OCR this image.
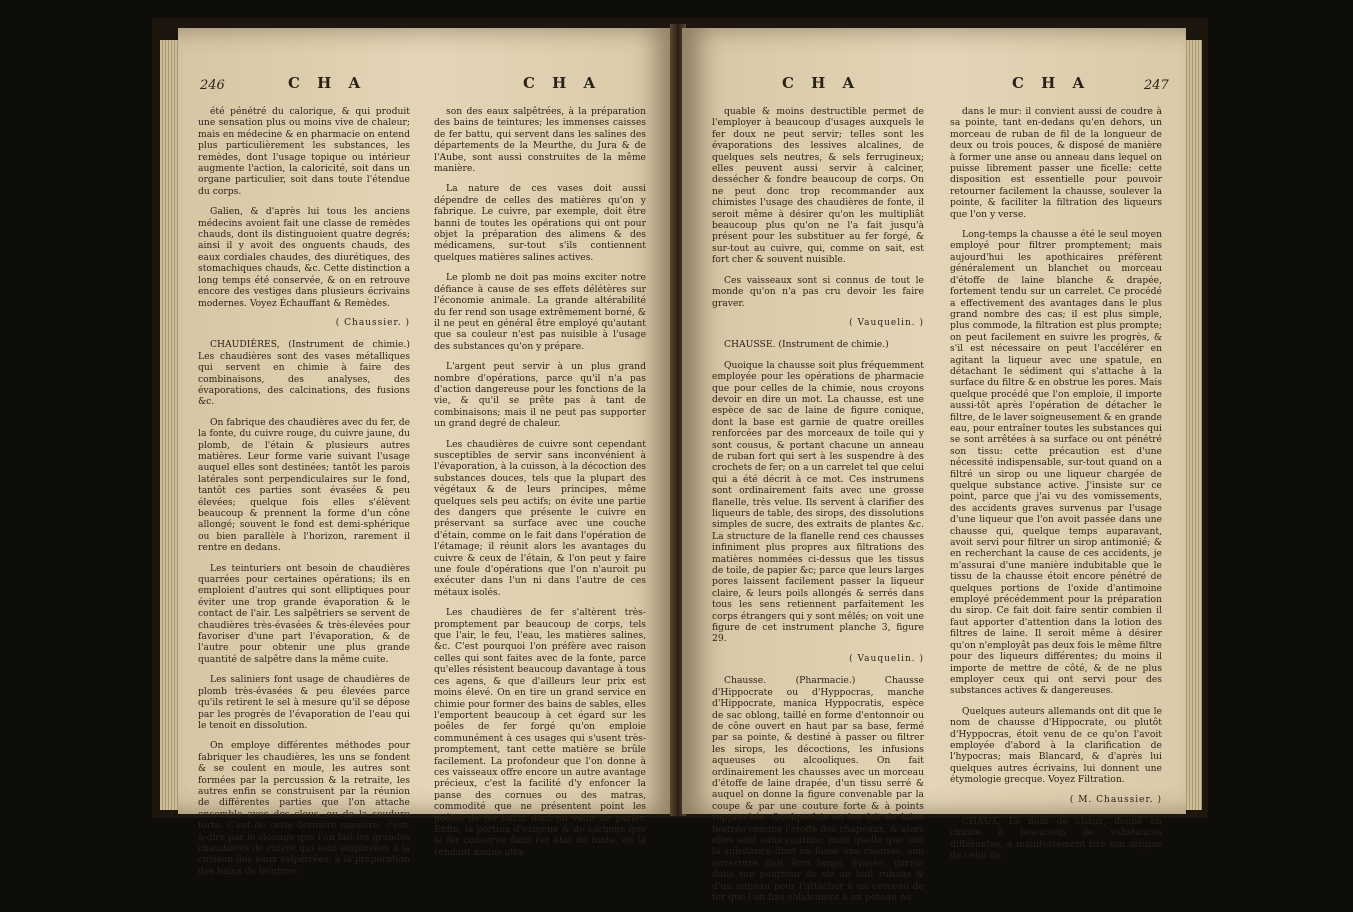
246	C H A	C H A

été pénétré du calorique, & qui produit une sensation plus ou moins vive de chaleur; mais en médecine & en pharmacie on entend plus particulièrement les substances, les remèdes, dont l'usage topique ou intérieur augmente l'action, la caloricité, soit dans un organe particulier, soit dans toute l'étendue du corps.

Galien, & d'après lui tous les anciens médecins avoient fait une classe de remèdes chauds, dont ils distinguoient quatre degrés; ainsi il y avoit des onguents chauds, des eaux cordiales chaudes, des diurétiques, des stomachiques chauds, &c. Cette distinction a long temps été conservée, & on en retrouve encore des vestiges dans plusieurs écrivains modernes. Voyez Échauffant & Remèdes.

( Chaussier. )

CHAUDIÈRES, (Instrument de chimie.) Les chaudières sont des vases métalliques qui servent en chimie à faire des combinaisons, des analyses, des évaporations, des calcinations, des fusions &c.

On fabrique des chaudières avec du fer, de la fonte, du cuivre rouge, du cuivre jaune, du plomb, de l'étain & plusieurs autres matières. Leur forme varie suivant l'usage auquel elles sont destinées; tantôt les parois latérales sont perpendiculaires sur le fond, tantôt ces parties sont évasées & peu élevées; quelque fois elles s'élèvent beaucoup & prennent la forme d'un cône allongé; souvent le fond est demi-sphérique ou bien parallèle à l'horizon, rarement il rentre en dedans.

Les teinturiers ont besoin de chaudières quarrées pour certaines opérations; ils en emploient d'autres qui sont elliptiques pour éviter une trop grande évaporation & le contact de l'air. Les salpêtriers se servent de chaudières très-évasées & très-élevées pour favoriser d'une part l'évaporation, & de l'autre pour obtenir une plus grande quantité de salpêtre dans la même cuite.

Les saliniers font usage de chaudières de plomb très-évasées & peu élevées parce qu'ils retirent le sel à mesure qu'il se dépose par les progrès de l'évaporation de l'eau qui le tenoit en dissolution.

On employe différentes méthodes pour fabriquer les chaudières, les uns se fondent & se coulent en moule, les autres sont formées par la percussion & la retraite, les autres enfin se construisent par la réunion de différentes parties que l'on attache ensemble avec des clous, ou de la soudure forte. C'est de cette dernière manière, c'est-à-dire par le clouage que l'on fait les grandes chaudières de cuivre qui sont employées à la cuisson des eaux salpêtrées, à la préparation des bains de teinture;

son des eaux salpêtrées, à la préparation des bains de teintures; les immenses caisses de fer battu, qui servent dans les salines des départements de la Meurthe, du Jura & de l'Aube, sont aussi construites de la même manière.

La nature de ces vases doit aussi dépendre de celles des matières qu'on y fabrique. Le cuivre, par exemple, doit être banni de toutes les opérations qui ont pour objet la préparation des alimens & des médicamens, sur-tout s'ils contiennent quelques matières salines actives.

Le plomb ne doit pas moins exciter notre défiance à cause de ses effets délétères sur l'économie animale. La grande altérabilité du fer rend son usage extrêmement borné, & il ne peut en général être employé qu'autant que sa couleur n'est pas nuisible à l'usage des substances qu'on y prépare.

L'argent peut servir à un plus grand nombre d'opérations, parce qu'il n'a pas d'action dangereuse pour les fonctions de la vie, & qu'il se prête pas à tant de combinaisons; mais il ne peut pas supporter un grand degré de chaleur.

Les chaudières de cuivre sont cependant susceptibles de servir sans inconvénient à l'évaporation, à la cuisson, à la décoction des substances douces, tels que la plupart des végétaux & de leurs principes, même quelques sels peu actifs; on évite une partie des dangers que présente le cuivre en préservant sa surface avec une couche d'étain, comme on le fait dans l'opération de l'étamage; il réunit alors les avantages du cuivre & ceux de l'étain, & l'on peut y faire une foule d'opérations que l'on n'auroit pu exécuter dans l'un ni dans l'autre de ces métaux isolés.

Les chaudières de fer s'altèrent très-promptement par beaucoup de corps, tels que l'air, le feu, l'eau, les matières salines, &c. C'est pourquoi l'on préfère avec raison celles qui sont faites avec de la fonte, parce qu'elles résistent beaucoup davantage à tous ces agens, & que d'ailleurs leur prix est moins élevé. On en tire un grand service en chimie pour former des bains de sables, elles l'emportent beaucoup à cet égard sur les poêles de fer forgé qu'on emploie communément à ces usages qui s'usent très-promptement, tant cette matière se brûle facilement. La profondeur que l'on donne à ces vaisseaux offre encore un autre avantage précieux, c'est la facilité d'y enfoncer la panse des cornues ou des matras, commodité que ne présentent point les poêles de fer battu dont on vient de parler. Enfin, la portion d'oxigène & de carbone que le fer conserve dans cet état de fonte, en la rendant moins atta-

C H A	C H A	247

quable & moins destructible permet de l'employer à beaucoup d'usages auxquels le fer doux ne peut servir; telles sont les évaporations des lessives alcalines, de quelques sels neutres, & sels ferrugineux; elles peuvent aussi servir à calciner, dessécher & fondre beaucoup de corps. On ne peut donc trop recommander aux chimistes l'usage des chaudières de fonte, il seroit même à désirer qu'on les multipliât beaucoup plus qu'on ne l'a fait jusqu'à présent pour les substituer au fer forgé, & sur-tout au cuivre, qui, comme on sait, est fort cher & souvent nuisible.

Ces vaisseaux sont si connus de tout le monde qu'on n'a pas cru devoir les faire graver.

( Vauquelin. )

CHAUSSE. (Instrument de chimie.)

Quoique la chausse soit plus fréquemment employée pour les opérations de pharmacie que pour celles de la chimie, nous croyons devoir en dire un mot. La chausse, est une espèce de sac de laine de figure conique, dont la base est garnie de quatre oreilles renforcées par des morceaux de toile qui y sont cousus, & portant chacune un anneau de ruban fort qui sert à les suspendre à des crochets de fer; on a un carrelet tel que celui qui a été décrit à ce mot. Ces instrumens sont ordinairement faits avec une grosse flanelle, très velue. Ils servent à clarifier des liqueurs de table, des sirops, des dissolutions simples de sucre, des extraits de plantes &c. La structure de la flanelle rend ces chausses infiniment plus propres aux filtrations des matières nommées ci-dessus que les tissus de toile, de papier &c; parce que leurs larges pores laissent facilement passer la liqueur claire, & leurs poils allongés & serrés dans tous les sens retiennent parfaitement les corps étrangers qui y sont mêlés; on voit une figure de cet instrument planche 3, figure 29.

( Vauquelin. )

Chausse. (Pharmacie.) Chausse d'Hippocrate ou d'Hyppocras, manche d'Hippocrate, manica Hyppocratis, espèce de sac oblong, taillé en forme d'entonnoir ou de cône ouvert en haut par sa base, fermé par sa pointe, & destiné à passer ou filtrer les sirops, les décoctions, les infusions aqueuses ou alcooliques. On fait ordinairement les chausses avec un morceau d'étoffe de laine drapée, d'un tissu serré & auquel on donne la figure convenable par la coupe & par une couture forte & à points rapprochés. Quelquefois on les fait de laine feutrée comme l'étoffe des chapeaux, & alors elles sont sans couture; mais quelle que soit la substance dont on fasse une chausse, son ouverture doit être large, évasée, garnie dans son pourtour de six ou huit rubans & d'un anneau pour l'attacher à un cerceau de fer que l'on fixe solidement à un poteau ou

dans le mur: il convient aussi de coudre à sa pointe, tant en-dedans qu'en dehors, un morceau de ruban de fil de la longueur de deux ou trois pouces, & disposé de manière à former une anse ou anneau dans lequel on puisse librement passer une ficelle: cette disposition est essentielle pour pouvoir retourner facilement la chausse, soulever la pointe, & faciliter la filtration des liqueurs que l'on y verse.

Long-temps la chausse a été le seul moyen employé pour filtrer promptement; mais aujourd'hui les apothicaires préfèrent généralement un blanchet ou morceau d'étoffe de laine blanche & drapée, fortement tendu sur un carrelet. Ce procédé a effectivement des avantages dans le plus grand nombre des cas; il est plus simple, plus commode, la filtration est plus prompte; on peut facilement en suivre les progrès, & s'il est nécessaire on peut l'accélérer en agitant la liqueur avec une spatule, en détachant le sédiment qui s'attache à la surface du filtre & en obstrue les pores. Mais quelque procédé que l'on emploie, il importe aussi-tôt après l'opération de détacher le filtre, de le laver soigneusement & en grande eau, pour entraîner toutes les substances qui se sont arrêtées à sa surface ou ont pénétré son tissu: cette précaution est d'une nécessité indispensable, sur-tout quand on a filtré un sirop ou une liqueur chargée de quelque substance active. J'insiste sur ce point, parce que j'ai vu des vomissements, des accidents graves survenus par l'usage d'une liqueur que l'on avoit passée dans une chausse qui, quelque temps auparavant, avoit servi pour filtrer un sirop antimonié; & en recherchant la cause de ces accidents, je m'assurai d'une manière indubitable que le tissu de la chausse étoit encore pénétré de quelques portions de l'oxide d'antimoine employé précédemment pour la préparation du sirop. Ce fait doit faire sentir combien il faut apporter d'attention dans la lotion des filtres de laine. Il seroit même à désirer qu'on n'employât pas deux fois le même filtre pour des liqueurs différentes; du moins il importe de mettre de côté, & de ne plus employer ceux qui ont servi pour des substances actives & dangereuses.

Quelques auteurs allemands ont dit que le nom de chausse d'Hippocrate, ou plutôt d'Hyppocras, étoit venu de ce qu'on l'avoit employée d'abord à la clarification de l'hypocras; mais Blancard, & d'après lui quelques autres écrivains, lui donnent une étymologie grecque. Voyez Filtration.

( M. Chaussier. )

CHAUX. Le nom de chaux, donné en chimie à beaucoup de substances différentes, a manifestement tiré son origine de celui de
